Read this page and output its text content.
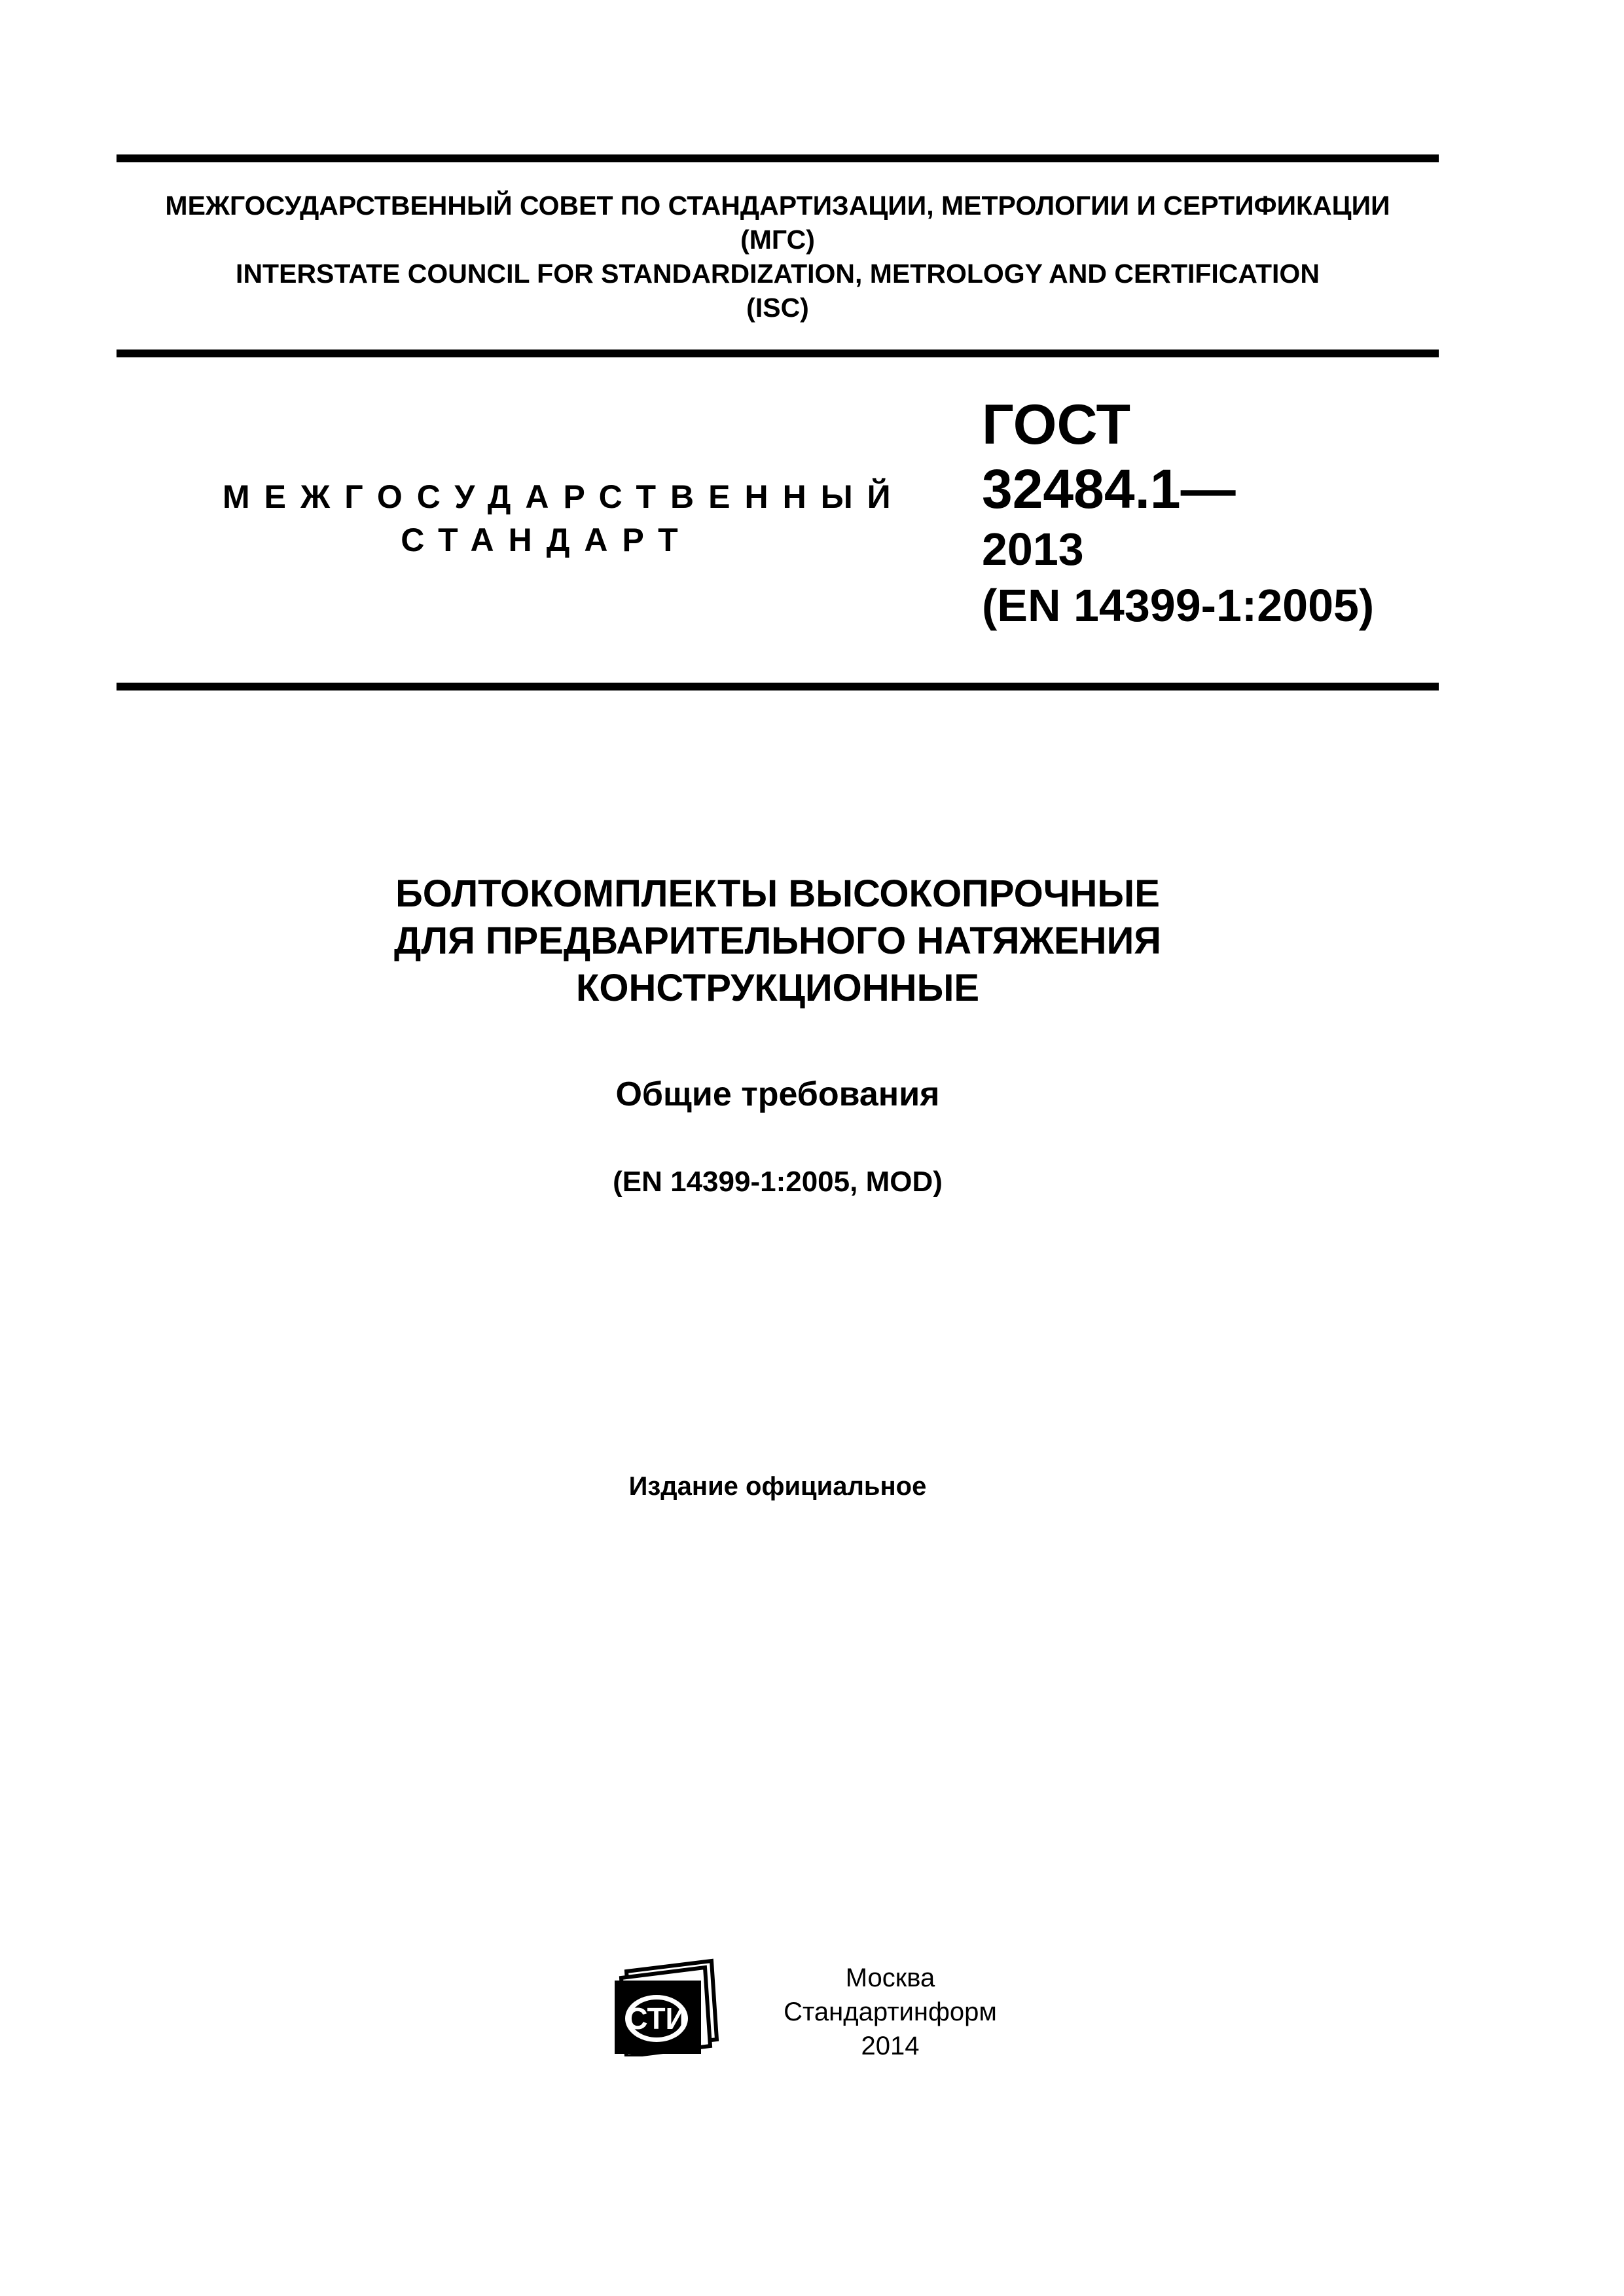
МЕЖГОСУДАРСТВЕННЫЙ СОВЕТ ПО СТАНДАРТИЗАЦИИ, МЕТРОЛОГИИ И СЕРТИФИКАЦИИ
(МГС)
INTERSTATE COUNCIL FOR STANDARDIZATION, METROLOGY AND CERTIFICATION
(ISC)
МЕЖГОСУДАРСТВЕННЫЙ
СТАНДАРТ
ГОСТ
32484.1—
2013
(EN 14399-1:2005)
БОЛТОКОМПЛЕКТЫ ВЫСОКОПРОЧНЫЕ
ДЛЯ ПРЕДВАРИТЕЛЬНОГО НАТЯЖЕНИЯ
КОНСТРУКЦИОННЫЕ
Общие требования
(EN 14399-1:2005, MOD)
Издание официальное
СТИ
Москва
Стандартинформ
2014
